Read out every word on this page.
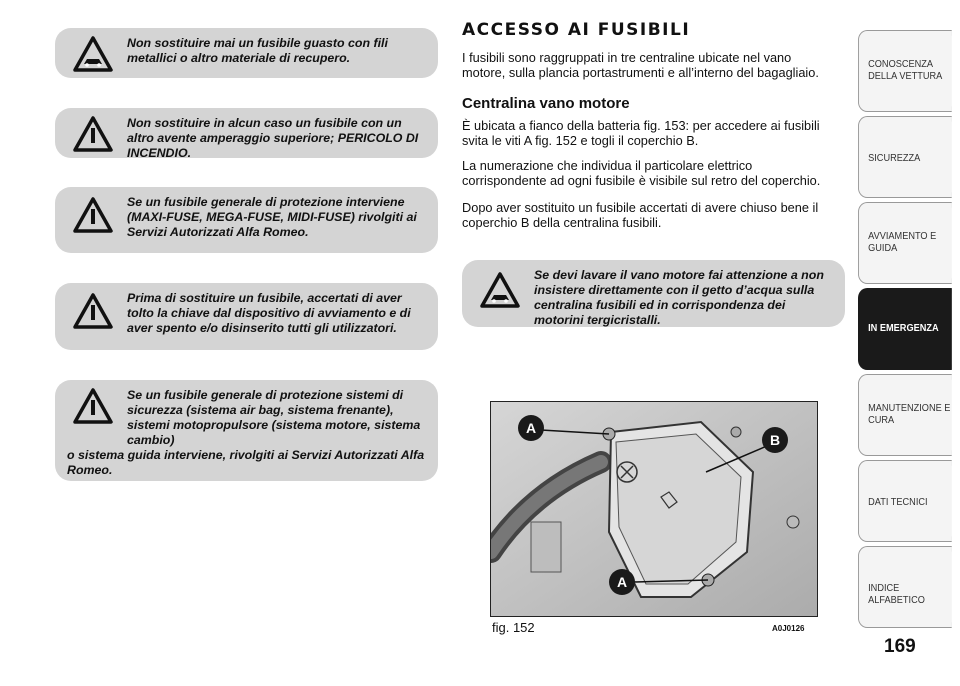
Non sostituire mai un fusibile guasto con fili metallici o altro materiale di recupero.
Non sostituire in alcun caso un fusibile con un altro avente amperaggio superiore; PERICOLO DI INCENDIO.
Se un fusibile generale di protezione interviene (MAXI-FUSE, MEGA-FUSE, MIDI-FUSE) rivolgiti ai Servizi Autorizzati Alfa Romeo.
Prima di sostituire un fusibile, accertati di aver tolto la chiave dal dispositivo di avviamento e di aver spento e/o disinserito tutti gli utilizzatori.
Se un fusibile generale di protezione sistemi di sicurezza (sistema air bag, sistema frenante), sistemi motopropulsore (sistema motore, sistema cambio)
o sistema guida interviene, rivolgiti ai Servizi Autorizzati Alfa Romeo.
ACCESSO AI FUSIBILI
I fusibili sono raggruppati in tre centraline ubicate nel vano motore, sulla plancia portastrumenti e all’interno del bagagliaio.
Centralina vano motore
È ubicata a fianco della batteria fig. 153: per accedere ai fusibili svita le viti A fig. 152 e togli il coperchio B.
La numerazione che individua il particolare elettrico corrispondente ad ogni fusibile è visibile sul retro del coperchio.
Dopo aver sostituito un fusibile accertati di avere chiuso bene il coperchio B della centralina fusibili.
Se devi lavare il vano motore fai attenzione a non insistere direttamente con il getto d’acqua sulla centralina fusibili ed in corrispondenza dei motorini tergicristalli.
A
B
A
fig. 152	A0J0126
CONOSCENZA
DELLA VETTURA
SICUREZZA
AVVIAMENTO E
GUIDA
IN EMERGENZA
MANUTENZIONE E
CURA
DATI TECNICI
INDICE ALFABETICO
169
